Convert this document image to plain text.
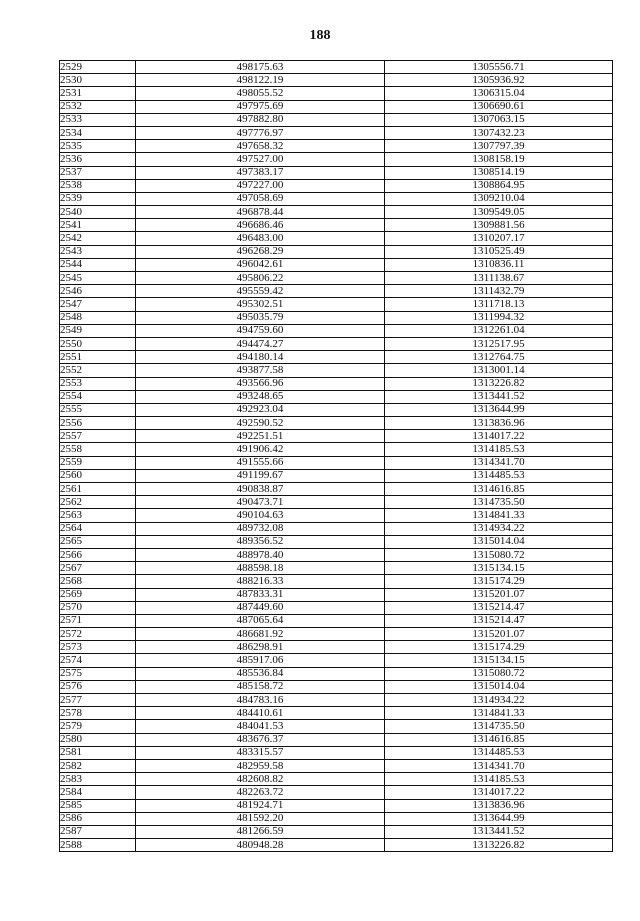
188
2529	498175.63	1305556.71
2530	498122.19	1305936.92
2531	498055.52	1306315.04
2532	497975.69	1306690.61
2533	497882.80	1307063.15
2534	497776.97	1307432.23
2535	497658.32	1307797.39
2536	497527.00	1308158.19
2537	497383.17	1308514.19
2538	497227.00	1308864.95
2539	497058.69	1309210.04
2540	496878.44	1309549.05
2541	496686.46	1309881.56
2542	496483.00	1310207.17
2543	496268.29	1310525.49
2544	496042.61	1310836.11
2545	495806.22	1311138.67
2546	495559.42	1311432.79
2547	495302.51	1311718.13
2548	495035.79	1311994.32
2549	494759.60	1312261.04
2550	494474.27	1312517.95
2551	494180.14	1312764.75
2552	493877.58	1313001.14
2553	493566.96	1313226.82
2554	493248.65	1313441.52
2555	492923.04	1313644.99
2556	492590.52	1313836.96
2557	492251.51	1314017.22
2558	491906.42	1314185.53
2559	491555.66	1314341.70
2560	491199.67	1314485.53
2561	490838.87	1314616.85
2562	490473.71	1314735.50
2563	490104.63	1314841.33
2564	489732.08	1314934.22
2565	489356.52	1315014.04
2566	488978.40	1315080.72
2567	488598.18	1315134.15
2568	488216.33	1315174.29
2569	487833.31	1315201.07
2570	487449.60	1315214.47
2571	487065.64	1315214.47
2572	486681.92	1315201.07
2573	486298.91	1315174.29
2574	485917.06	1315134.15
2575	485536.84	1315080.72
2576	485158.72	1315014.04
2577	484783.16	1314934.22
2578	484410.61	1314841.33
2579	484041.53	1314735.50
2580	483676.37	1314616.85
2581	483315.57	1314485.53
2582	482959.58	1314341.70
2583	482608.82	1314185.53
2584	482263.72	1314017.22
2585	481924.71	1313836.96
2586	481592.20	1313644.99
2587	481266.59	1313441.52
2588	480948.28	1313226.82
